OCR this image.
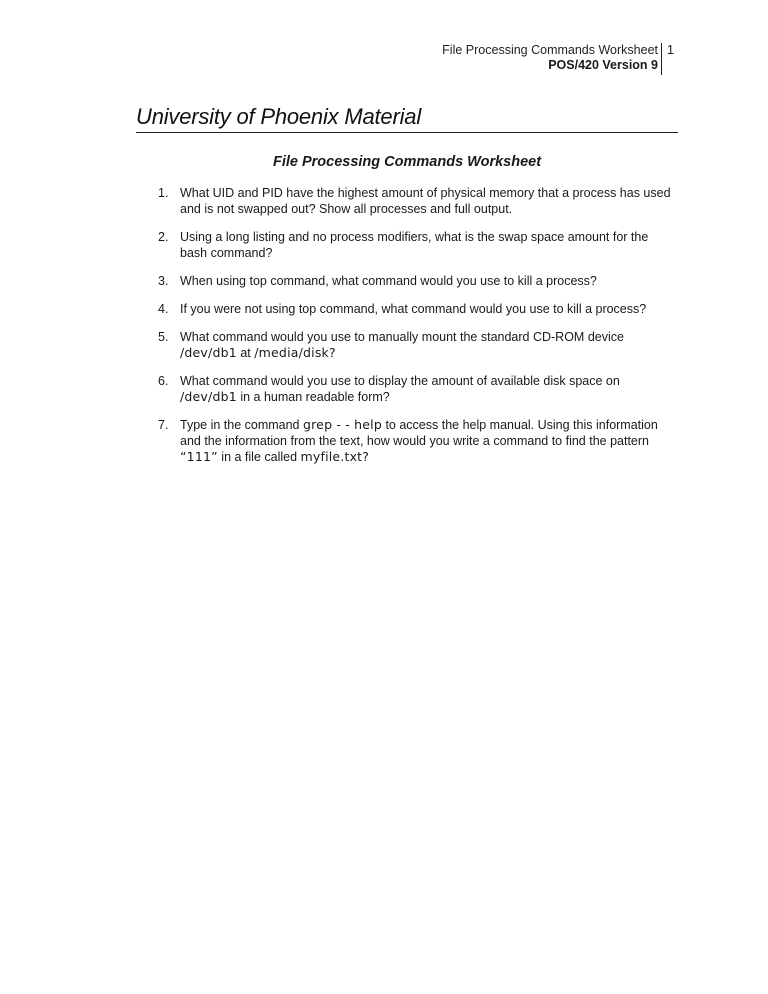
File Processing Commands Worksheet
POS/420 Version 9
1
University of Phoenix Material
File Processing Commands Worksheet
1. What UID and PID have the highest amount of physical memory that a process has used and is not swapped out? Show all processes and full output.
2. Using a long listing and no process modifiers, what is the swap space amount for the bash command?
3. When using top command, what command would you use to kill a process?
4. If you were not using top command, what command would you use to kill a process?
5. What command would you use to manually mount the standard CD-ROM device /dev/db1 at /media/disk?
6. What command would you use to display the amount of available disk space on /dev/db1 in a human readable form?
7. Type in the command grep - - help to access the help manual. Using this information and the information from the text, how would you write a command to find the pattern “111” in a file called myfile.txt?
